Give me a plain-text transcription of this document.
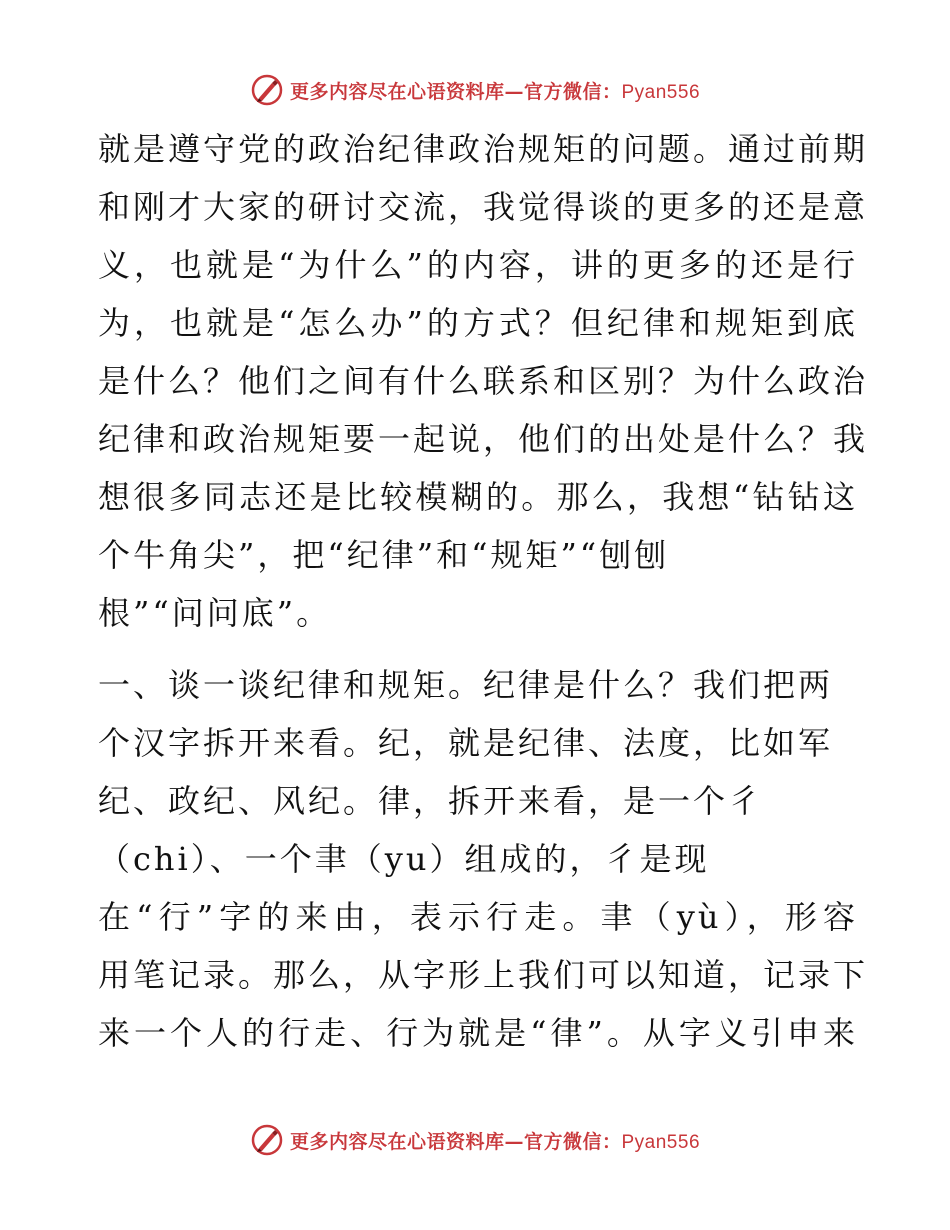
更多内容尽在心语资料库—官方微信：Pyan556
就是遵守党的政治纪律政治规矩的问题。通过前期
和刚才大家的研讨交流，我觉得谈的更多的还是意
义，也就是“为什么”的内容，讲的更多的还是行
为，也就是“怎么办”的方式？但纪律和规矩到底
是什么？他们之间有什么联系和区别？为什么政治
纪律和政治规矩要一起说，他们的出处是什么？我
想很多同志还是比较模糊的。那么，我想“钻钻这
个牛角尖”，把“纪律”和“规矩”“刨刨
根”“问问底”。
一、谈一谈纪律和规矩。纪律是什么？我们把两
个汉字拆开来看。纪，就是纪律、法度，比如军
纪、政纪、风纪。律，拆开来看，是一个彳
（chi）、一个聿（yu）组成的，彳是现
在“行”字的来由，表示行走。聿（yù），形容
用笔记录。那么，从字形上我们可以知道，记录下
来一个人的行走、行为就是“律”。从字义引申来
更多内容尽在心语资料库—官方微信：Pyan556
